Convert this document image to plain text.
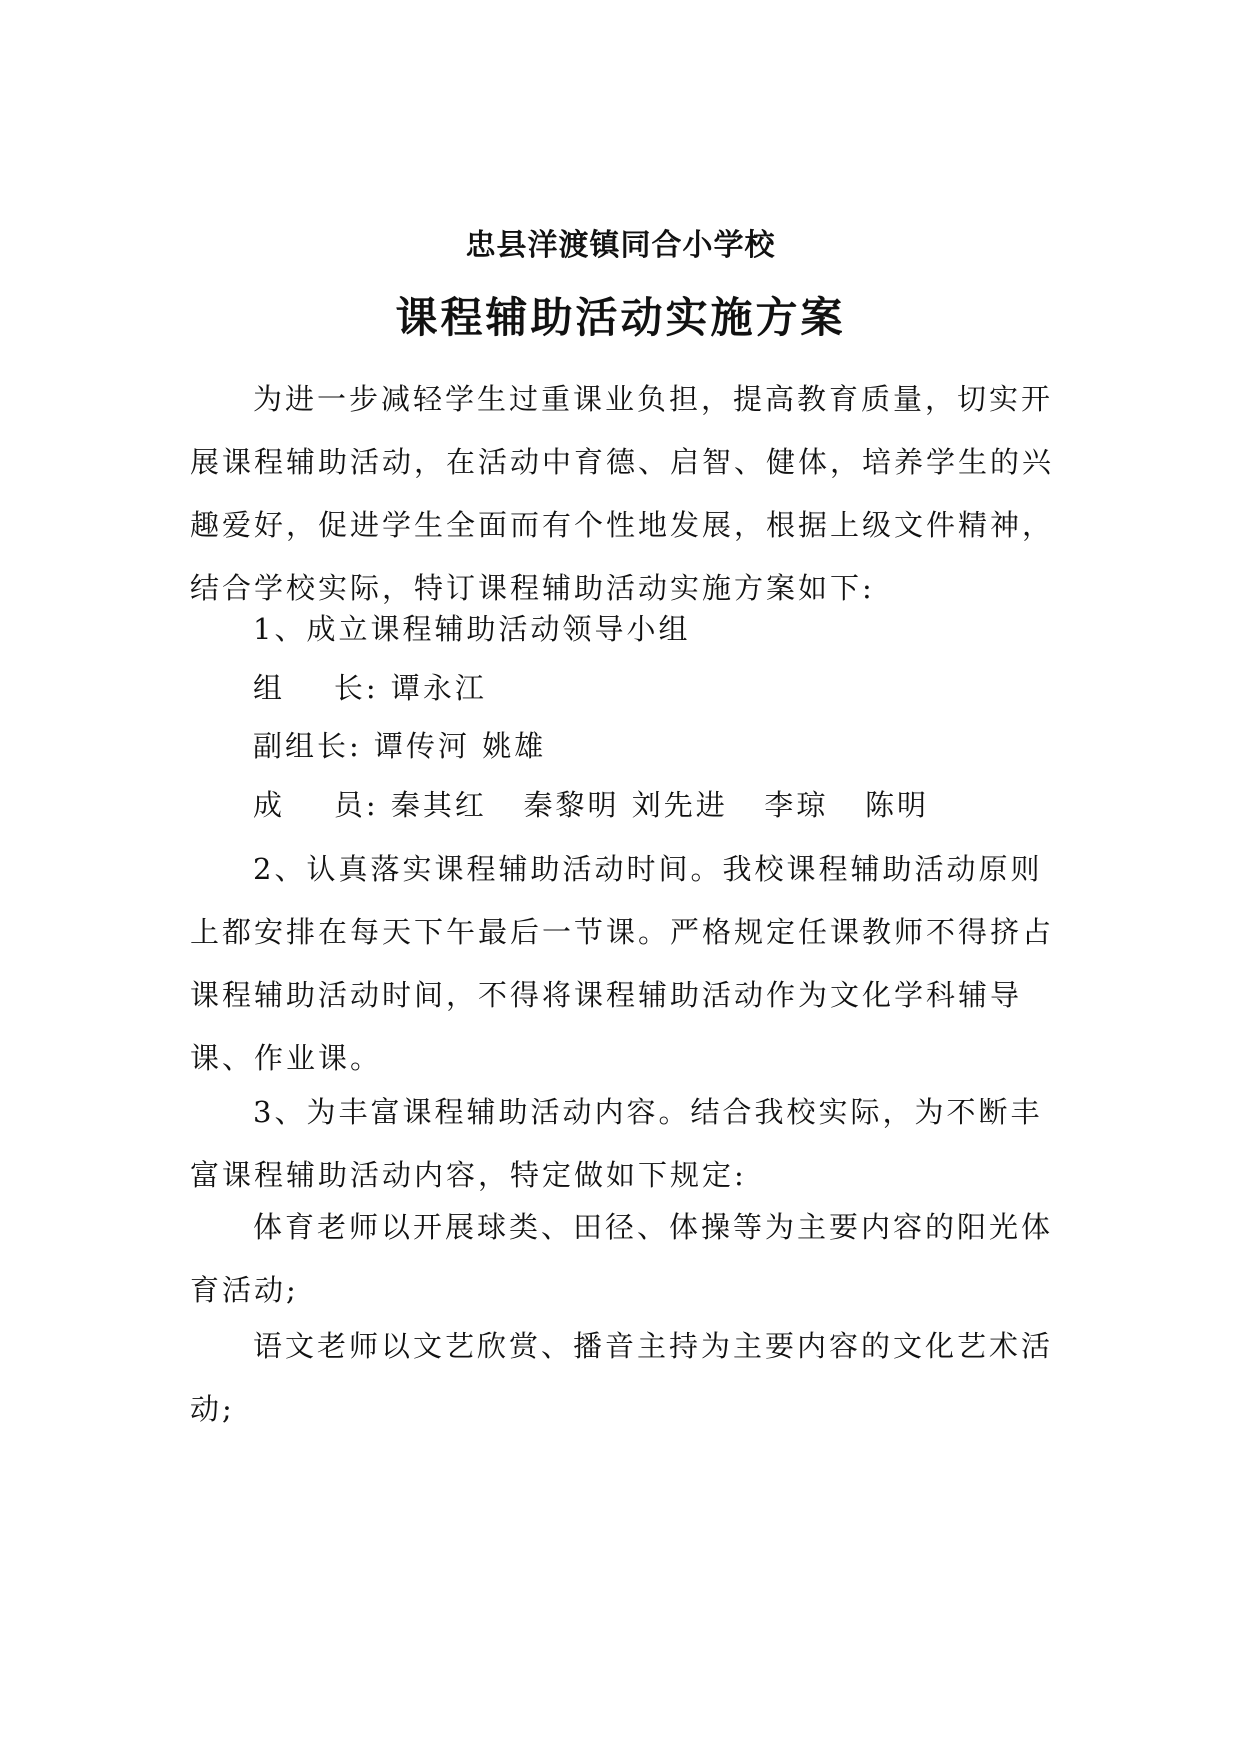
忠县洋渡镇同合小学校
课程辅助活动实施方案

为进一步减轻学生过重课业负担，提高教育质量，切实开展课程辅助活动，在活动中育德、启智、健体，培养学生的兴趣爱好，促进学生全面而有个性地发展，根据上级文件精神，结合学校实际，特订课程辅助活动实施方案如下:

1、成立课程辅助活动领导小组
组    长: 谭永江
副组长: 谭传河 姚雄
成    员: 秦其红   秦黎明 刘先进   李琼   陈明

2、认真落实课程辅助活动时间。我校课程辅助活动原则上都安排在每天下午最后一节课。严格规定任课教师不得挤占课程辅助活动时间，不得将课程辅助活动作为文化学科辅导课、作业课。

3、为丰富课程辅助活动内容。结合我校实际，为不断丰富课程辅助活动内容，特定做如下规定:

体育老师以开展球类、田径、体操等为主要内容的阳光体育活动;

语文老师以文艺欣赏、播音主持为主要内容的文化艺术活动;
